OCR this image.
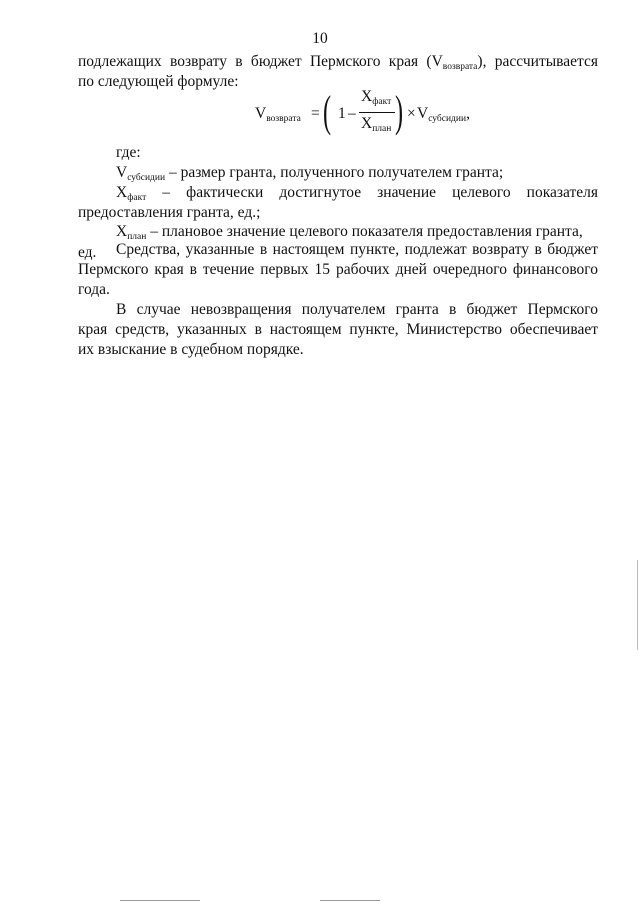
10
подлежащих возврату в бюджет Пермского края $(V_{возврата})$, рассчитывается
по следующей формуле:
$V_{возврата}$ = ( 1 –
$X_{факт}$
$X_{план}$ ) × $V_{субсидии}$,
где:
$V_{субсидии}$ – размер гранта, полученного получателем гранта;
$X_{факт}$ – фактически достигнутое значение целевого показателя
предоставления гранта, ед.;
$X_{план}$ – плановое значение целевого показателя предоставления гранта, ед.	Средства, указанные в настоящем пункте, подлежат возврату в бюджет
Пермского края в течение первых 15 рабочих дней очередного финансового
года.
В случае невозвращения получателем гранта в бюджет Пермского
края средств, указанных в настоящем пункте, Министерство обеспечивает
их взыскание в судебном порядке.
